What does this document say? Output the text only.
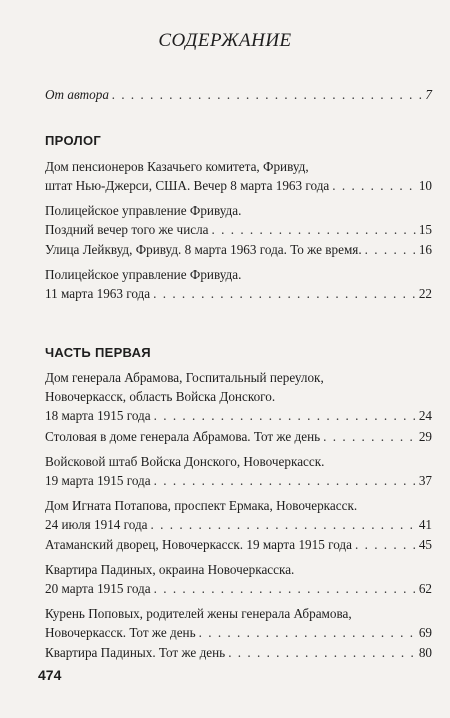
СОДЕРЖАНИЕ
От автора . . .	7
ПРОЛОГ
Дом пенсионеров Казачьего комитета, Фривуд,
штат Нью-Джерси, США. Вечер 8 марта 1963 года . . .	10
Полицейское управление Фривуда.
Поздний вечер того же числа . . .	15
Улица Лейквуд, Фривуд. 8 марта 1963 года. То же время. . . .	16
Полицейское управление Фривуда.
11 марта 1963 года . . .	22
ЧАСТЬ ПЕРВАЯ
Дом генерала Абрамова, Госпитальный переулок,
Новочеркасск, область Войска Донского.
18 марта 1915 года . . .	24
Столовая в доме генерала Абрамова. Тот же день . . .	29
Войсковой штаб Войска Донского, Новочеркасск.
19 марта 1915 года . . .	37
Дом Игната Потапова, проспект Ермака, Новочеркасск.
24 июля 1914 года . . .	41
Атаманский дворец, Новочеркасск. 19 марта 1915 года . . .	45
Квартира Падиных, окраина Новочеркасска.
20 марта 1915 года . . .	62
Курень Поповых, родителей жены генерала Абрамова,
Новочеркасск. Тот же день . . .	69
Квартира Падиных. Тот же день . . .	80
474
